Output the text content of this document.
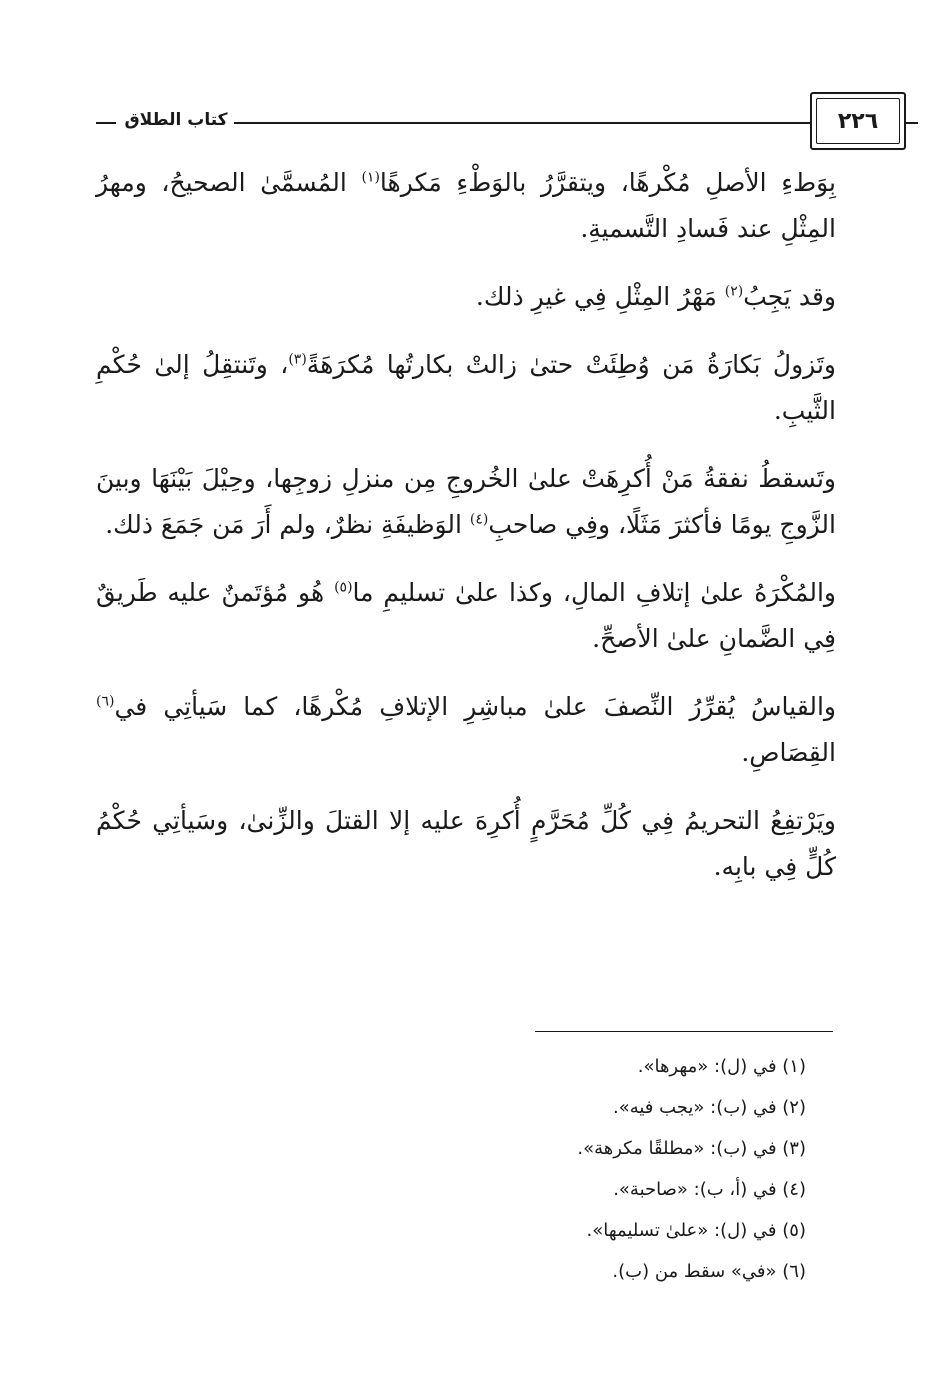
كتاب الطلاق	٢٢٦

بِوَطءِ الأصلِ مُكْرهًا، ويتقرَّرُ بالوَطْءِ مَكرهًا$^{(١)}$ المُسمَّىٰ الصحيحُ، ومهرُ المِثْلِ عند فَسادِ التَّسميةِ.

وقد يَجِبُ$^{(٢)}$ مَهْرُ المِثْلِ فِي غيرِ ذلك.

وتَزولُ بَكارَةُ مَن وُطِئَتْ حتىٰ زالتْ بكارتُها مُكرَهَةً$^{(٣)}$، وتَنتقِلُ إلىٰ حُكْمِ الثَّيبِ.

وتَسقطُ نفقةُ مَنْ أُكرِهَتْ علىٰ الخُروجِ مِن منزلِ زوجِها، وحِيْلَ بَيْنَهَا وبينَ الزَّوجِ يومًا فأكثرَ مَثَلًا، وفِي صاحبِ$^{(٤)}$ الوَظيفَةِ نظرٌ، ولم أَرَ مَن جَمَعَ ذلك.

والمُكْرَهُ علىٰ إتلافِ المالِ، وكذا علىٰ تسليمِ ما$^{(٥)}$ هُو مُؤتَمنٌ عليه طَريقٌ فِي الضَّمانِ علىٰ الأصحِّ.

والقياسُ يُقرِّرُ النِّصفَ علىٰ مباشِرِ الإتلافِ مُكْرهًا، كما سَيأتِي في$^{(٦)}$ القِصَاصِ.

ويَرْتفِعُ التحريمُ فِي كُلِّ مُحَرَّمٍ أُكرِهَ عليه إلا القتلَ والزِّنىٰ، وسَيأتِي حُكْمُ كُلٍّ فِي بابِه.

(١) في (ل): «مهرها».
(٢) في (ب): «يجب فيه».
(٣) في (ب): «مطلقًا مكرهة».
(٤) في (أ، ب): «صاحبة».
(٥) في (ل): «علىٰ تسليمها».
(٦) «في» سقط من (ب).
